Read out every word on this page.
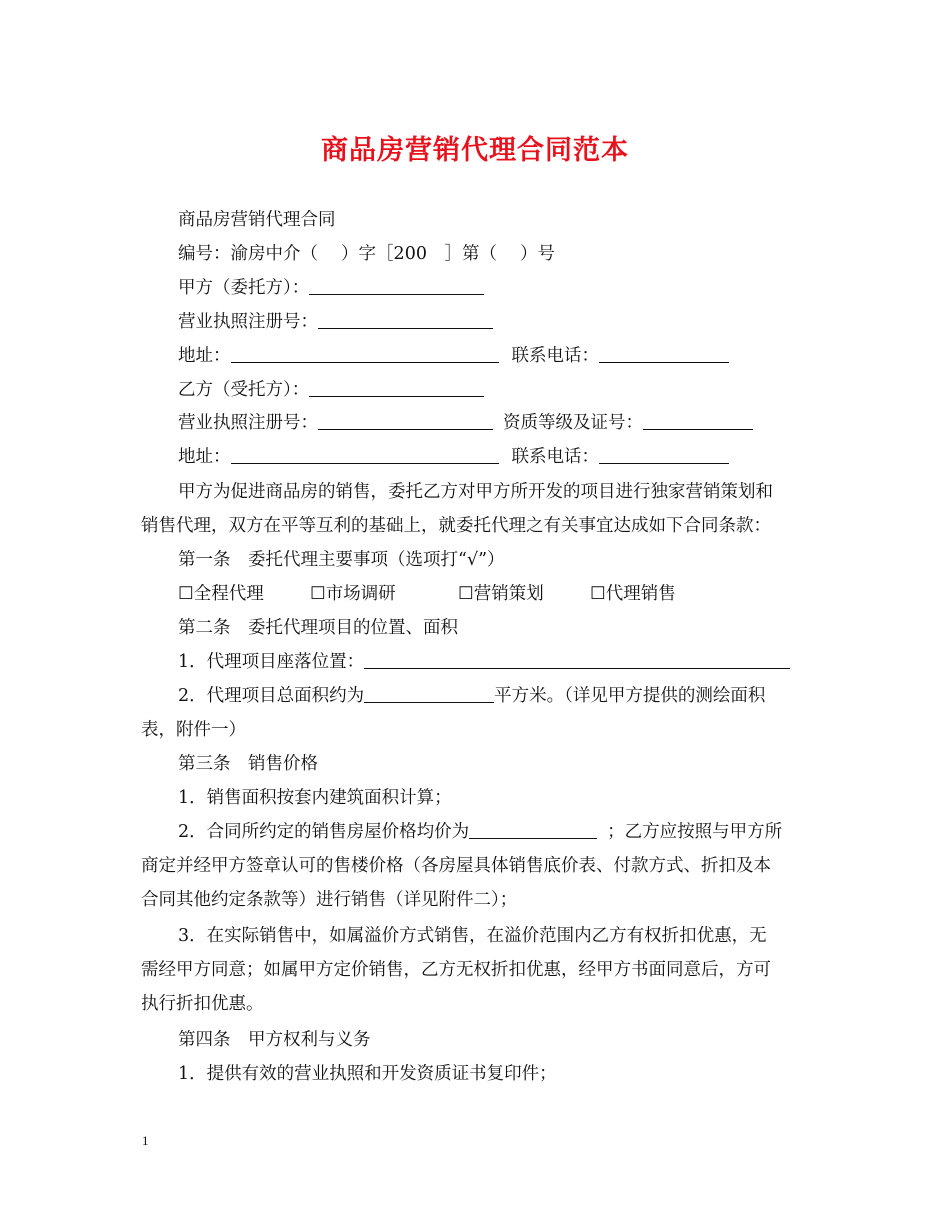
商品房营销代理合同范本
商品房营销代理合同
编号：渝房中介（　 ）字［200　］第（　 ）号
甲方（委托方）：
营业执照注册号：
地址：	联系电话：
乙方（受托方）：
营业执照注册号：	资质等级及证号：
地址：	联系电话：
甲方为促进商品房的销售，委托乙方对甲方所开发的项目进行独家营销策划和
销售代理，双方在平等互利的基础上，就委托代理之有关事宜达成如下合同条款：
第一条　委托代理主要事项（选项打“√”）
☐全程代理	☐市场调研	☐营销策划	☐代理销售
第二条　委托代理项目的位置、面积
1．代理项目座落位置：
2．代理项目总面积约为	平方米。（详见甲方提供的测绘面积
表，附件一）
第三条　销售价格
1．销售面积按套内建筑面积计算；
2．合同所约定的销售房屋价格均价为	；乙方应按照与甲方所
商定并经甲方签章认可的售楼价格（各房屋具体销售底价表、付款方式、折扣及本
合同其他约定条款等）进行销售（详见附件二）；
3．在实际销售中，如属溢价方式销售，在溢价范围内乙方有权折扣优惠，无
需经甲方同意；如属甲方定价销售，乙方无权折扣优惠，经甲方书面同意后，方可
执行折扣优惠。
第四条　甲方权利与义务
1．提供有效的营业执照和开发资质证书复印件；
1
